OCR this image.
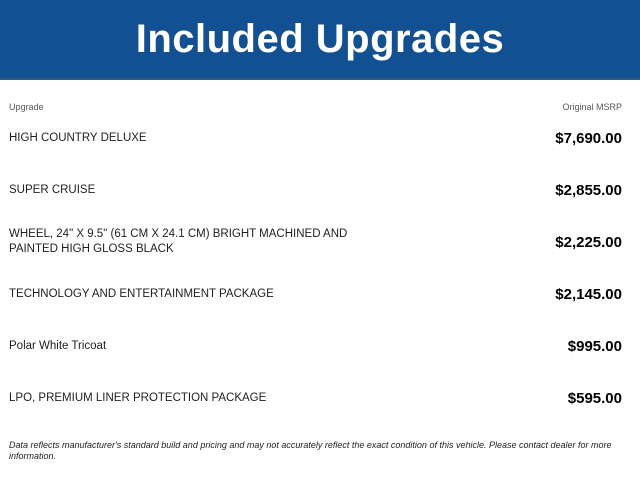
Included Upgrades
Upgrade	Original MSRP
HIGH COUNTRY DELUXE	$7,690.00
SUPER CRUISE	$2,855.00
WHEEL, 24" X 9.5" (61 CM X 24.1 CM) BRIGHT MACHINED AND PAINTED HIGH GLOSS BLACK	$2,225.00
TECHNOLOGY AND ENTERTAINMENT PACKAGE	$2,145.00
Polar White Tricoat	$995.00
LPO, PREMIUM LINER PROTECTION PACKAGE	$595.00

Data reflects manufacturer's standard build and pricing and may not accurately reflect the exact condition of this vehicle. Please contact dealer for more information.
